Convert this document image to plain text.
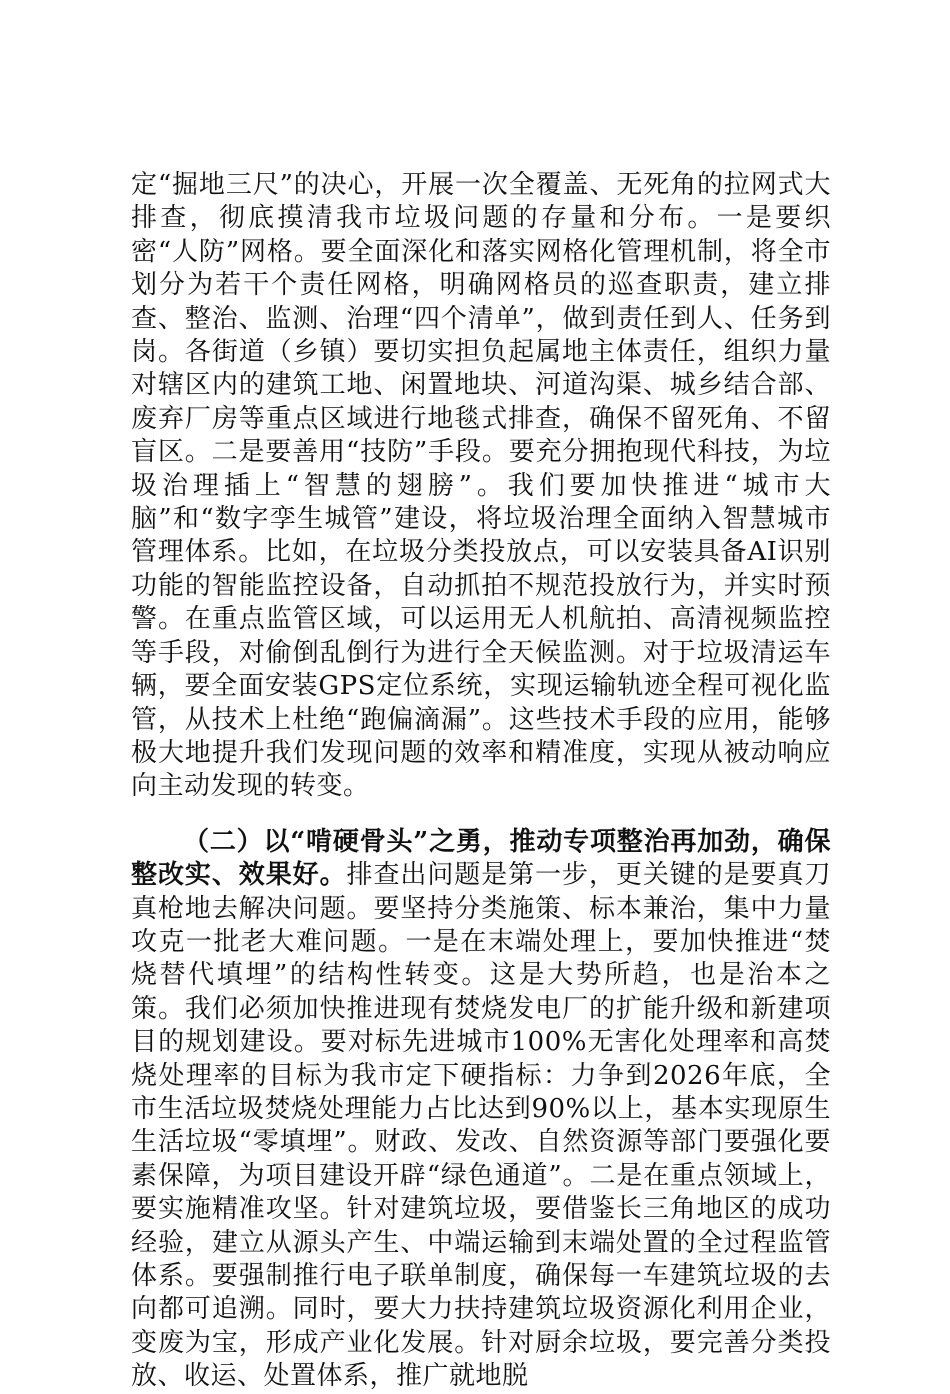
定“掘地三尺”的决心，开展一次全覆盖、无死角的拉网式大排查，彻底摸清我市垃圾问题的存量和分布。一是要织密“人防”网格。要全面深化和落实网格化管理机制，将全市划分为若干个责任网格，明确网格员的巡查职责，建立排查、整治、监测、治理“四个清单”，做到责任到人、任务到岗。各街道（乡镇）要切实担负起属地主体责任，组织力量对辖区内的建筑工地、闲置地块、河道沟渠、城乡结合部、废弃厂房等重点区域进行地毯式排查，确保不留死角、不留盲区。二是要善用“技防”手段。要充分拥抱现代科技，为垃圾治理插上“智慧的翅膀”。我们要加快推进“城市大脑”和“数字孪生城管”建设，将垃圾治理全面纳入智慧城市管理体系。比如，在垃圾分类投放点，可以安装具备AI识别功能的智能监控设备，自动抓拍不规范投放行为，并实时预警。在重点监管区域，可以运用无人机航拍、高清视频监控等手段，对偷倒乱倒行为进行全天候监测。对于垃圾清运车辆，要全面安装GPS定位系统，实现运输轨迹全程可视化监管，从技术上杜绝“跑偏滴漏”。这些技术手段的应用，能够极大地提升我们发现问题的效率和精准度，实现从被动响应向主动发现的转变。

（二）以“啃硬骨头”之勇，推动专项整治再加劲，确保整改实、效果好。排查出问题是第一步，更关键的是要真刀真枪地去解决问题。要坚持分类施策、标本兼治，集中力量攻克一批老大难问题。一是在末端处理上，要加快推进“焚烧替代填埋”的结构性转变。这是大势所趋，也是治本之策。我们必须加快推进现有焚烧发电厂的扩能升级和新建项目的规划建设。要对标先进城市100%无害化处理率和高焚烧处理率的目标为我市定下硬指标：力争到2026年底，全市生活垃圾焚烧处理能力占比达到90%以上，基本实现原生生活垃圾“零填埋”。财政、发改、自然资源等部门要强化要素保障，为项目建设开辟“绿色通道”。二是在重点领域上，要实施精准攻坚。针对建筑垃圾，要借鉴长三角地区的成功经验，建立从源头产生、中端运输到末端处置的全过程监管体系。要强制推行电子联单制度，确保每一车建筑垃圾的去向都可追溯。同时，要大力扶持建筑垃圾资源化利用企业，变废为宝，形成产业化发展。针对厨余垃圾，要完善分类投放、收运、处置体系，推广就地脱
